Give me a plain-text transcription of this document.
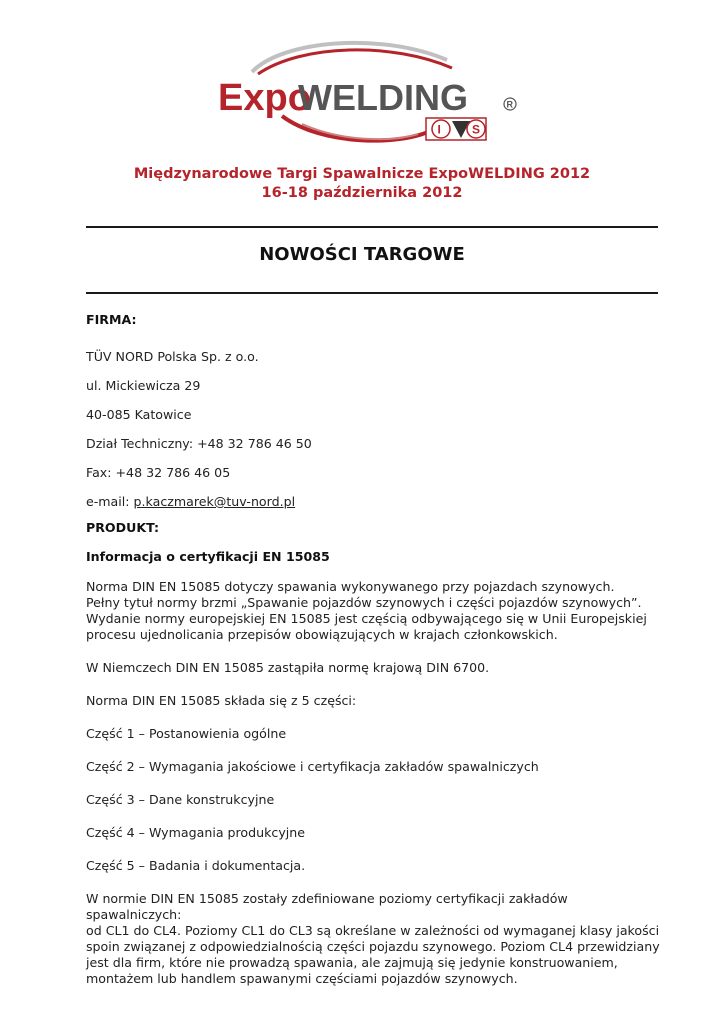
Expo
WELDING
I	S
R
Międzynarodowe Targi Spawalnicze ExpoWELDING 2012
16-18 października 2012
NOWOŚCI TARGOWE

FIRMA:

TÜV NORD Polska Sp. z o.o.

ul. Mickiewicza 29

40-085 Katowice

Dział Techniczny: +48 32 786 46 50

Fax: +48 32 786 46 05

e-mail: p.kaczmarek@tuv-nord.pl

PRODUKT:

Informacja o certyfikacji EN 15085

Norma DIN EN 15085 dotyczy spawania wykonywanego przy pojazdach szynowych.

Pełny tytuł normy brzmi „Spawanie pojazdów szynowych i części pojazdów szynowych”.

Wydanie normy europejskiej EN 15085 jest częścią odbywającego się w Unii Europejskiej

procesu ujednolicania przepisów obowiązujących w krajach członkowskich.

W Niemczech DIN EN 15085 zastąpiła normę krajową DIN 6700.

Norma DIN EN 15085 składa się z 5 części:

Część 1 – Postanowienia ogólne

Część 2 – Wymagania jakościowe i certyfikacja zakładów spawalniczych

Część 3 – Dane konstrukcyjne

Część 4 – Wymagania produkcyjne

Część 5 – Badania i dokumentacja.

W normie DIN EN 15085 zostały zdefiniowane poziomy certyfikacji zakładów spawalniczych:

od CL1 do CL4. Poziomy CL1 do CL3 są określane w zależności od wymaganej klasy jakości

spoin związanej z odpowiedzialnością części pojazdu szynowego. Poziom CL4 przewidziany

jest dla firm, które nie prowadzą spawania, ale zajmują się jedynie konstruowaniem,

montażem lub handlem spawanymi częściami pojazdów szynowych.
